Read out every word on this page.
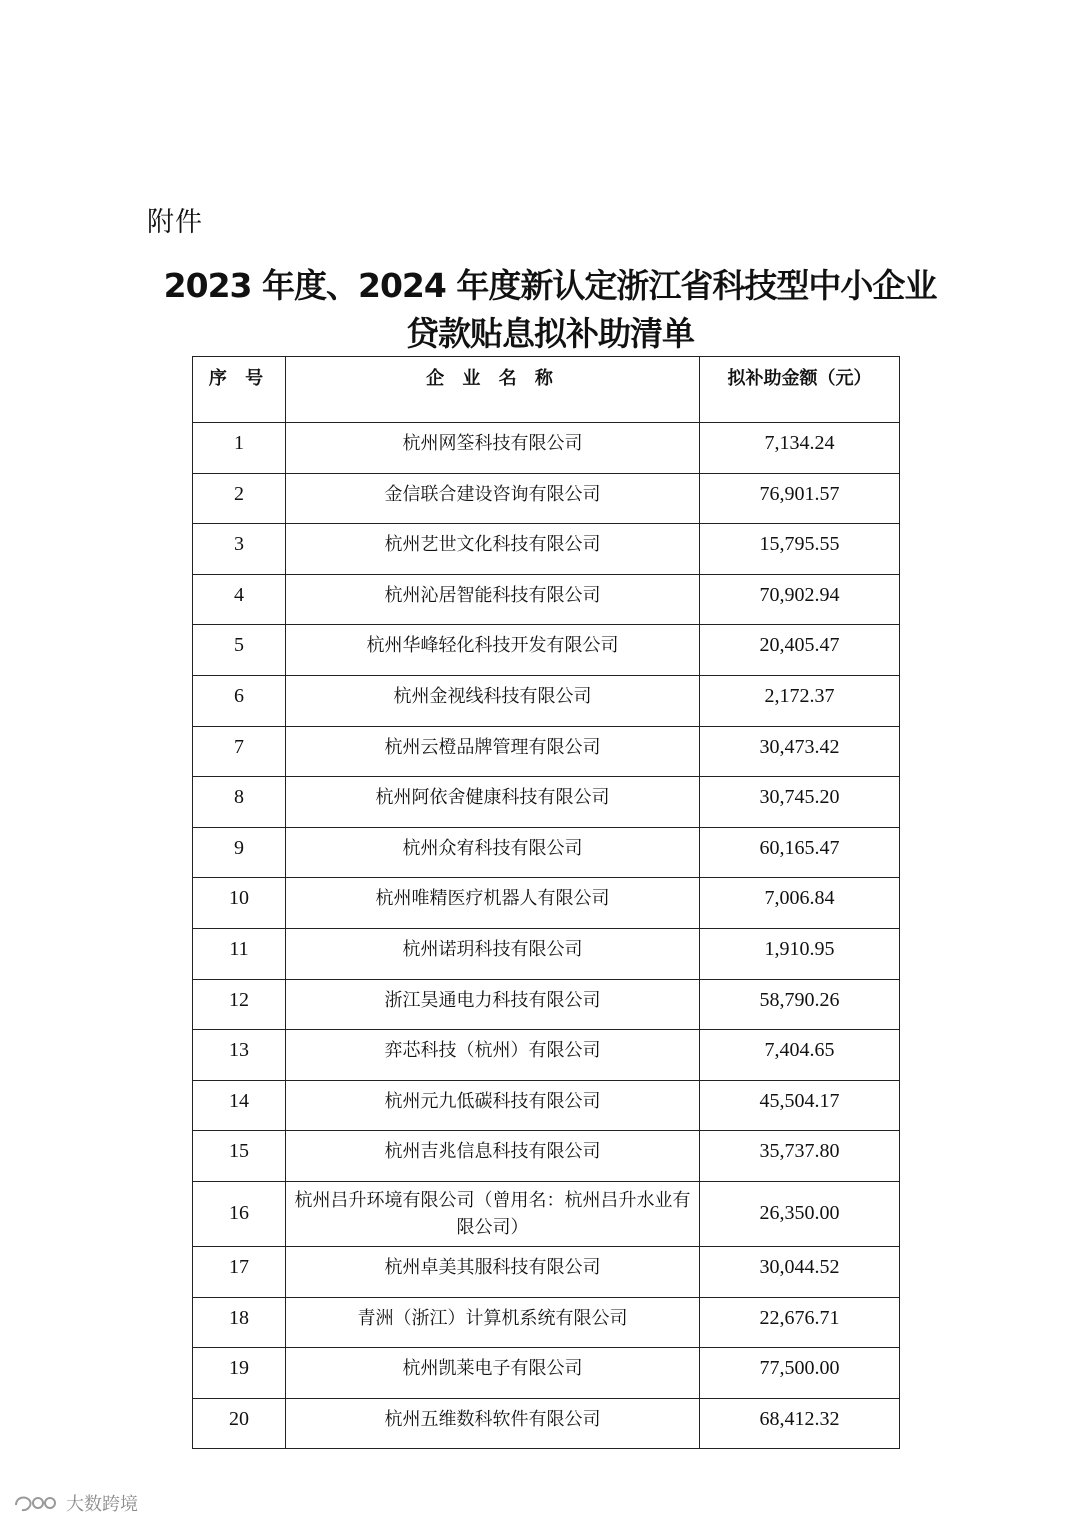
附件
2023 年度、2024 年度新认定浙江省科技型中小企业
贷款贴息拟补助清单
序 号	企 业 名 称	拟补助金额（元）
1	杭州网筌科技有限公司	7,134.24
2	金信联合建设咨询有限公司	76,901.57
3	杭州艺世文化科技有限公司	15,795.55
4	杭州沁居智能科技有限公司	70,902.94
5	杭州华峰轻化科技开发有限公司	20,405.47
6	杭州金视线科技有限公司	2,172.37
7	杭州云橙品牌管理有限公司	30,473.42
8	杭州阿依舍健康科技有限公司	30,745.20
9	杭州众宥科技有限公司	60,165.47
10	杭州唯精医疗机器人有限公司	7,006.84
11	杭州诺玥科技有限公司	1,910.95
12	浙江昊通电力科技有限公司	58,790.26
13	弈芯科技（杭州）有限公司	7,404.65
14	杭州元九低碳科技有限公司	45,504.17
15	杭州吉兆信息科技有限公司	35,737.80
16	杭州吕升环境有限公司（曾用名：杭州吕升水业有限公司）	26,350.00
17	杭州卓美其服科技有限公司	30,044.52
18	青洲（浙江）计算机系统有限公司	22,676.71
19	杭州凯莱电子有限公司	77,500.00
20	杭州五维数科软件有限公司	68,412.32
大数跨境
